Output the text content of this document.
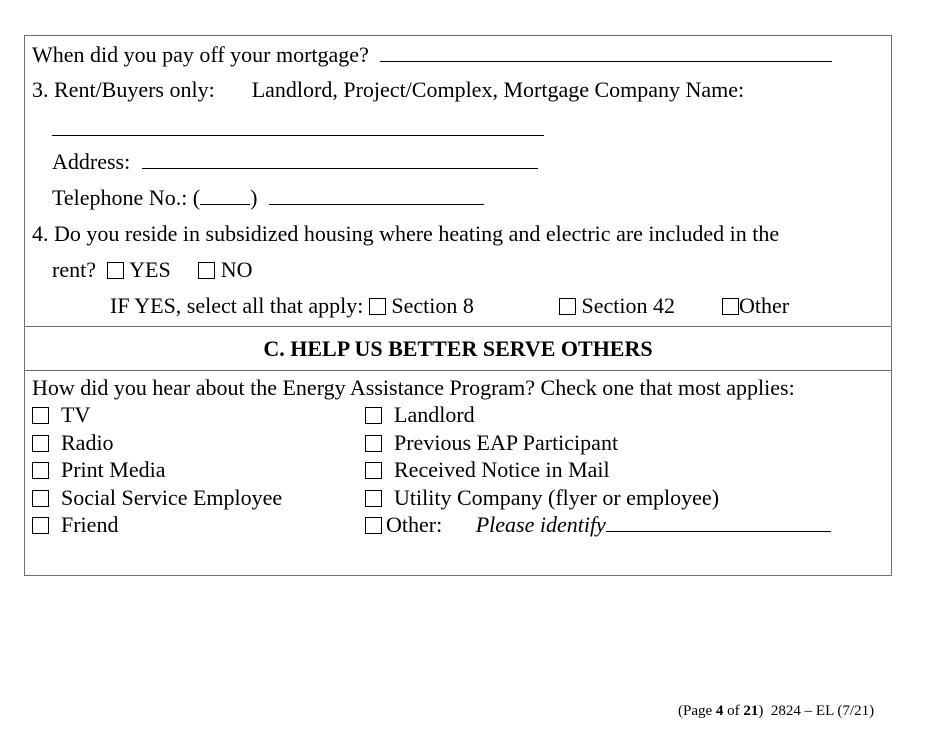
When did you pay off your mortgage?
3. Rent/Buyers only: Landlord, Project/Complex, Mortgage Company Name:
Address:
Telephone No.: ( )
4. Do you reside in subsidized housing where heating and electric are included in the
rent? YES NO
IF YES, select all that apply: Section 8	Section 42	Other
C. HELP US BETTER SERVE OTHERS
How did you hear about the Energy Assistance Program? Check one that most applies:
TV
Radio
Print Media
Social Service Employee
Friend
Landlord
Previous EAP Participant
Received Notice in Mail
Utility Company (flyer or employee)
Other: Please identify
(Page 4 of 21) 2824 – EL (7/21)
